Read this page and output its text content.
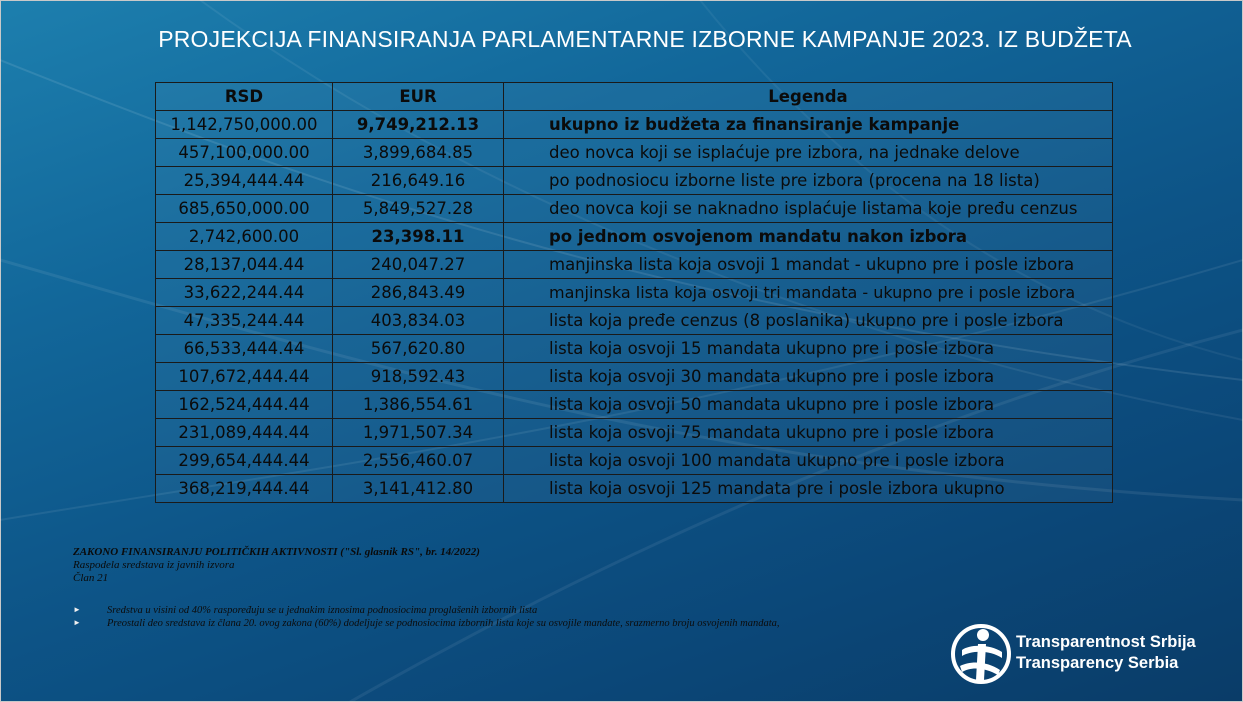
PROJEKCIJA FINANSIRANJA PARLAMENTARNE IZBORNE KAMPANJE 2023. IZ BUDŽETA
RSD	EUR	Legenda
1,142,750,000.00	9,749,212.13	ukupno iz budžeta za finansiranje kampanje
457,100,000.00	3,899,684.85	deo novca koji se isplaćuje pre izbora, na jednake delove
25,394,444.44	216,649.16	po podnosiocu izborne liste pre izbora (procena na 18 lista)
685,650,000.00	5,849,527.28	deo novca koji se naknadno isplaćuje listama koje pređu cenzus
2,742,600.00	23,398.11	po jednom osvojenom mandatu nakon izbora
28,137,044.44	240,047.27	manjinska lista koja osvoji 1 mandat - ukupno pre i posle izbora
33,622,244.44	286,843.49	manjinska lista koja osvoji tri mandata - ukupno pre i posle izbora
47,335,244.44	403,834.03	lista koja pređe cenzus (8 poslanika) ukupno pre i posle izbora
66,533,444.44	567,620.80	lista koja osvoji 15 mandata ukupno pre i posle izbora
107,672,444.44	918,592.43	lista koja osvoji 30 mandata ukupno pre i posle izbora
162,524,444.44	1,386,554.61	lista koja osvoji 50 mandata ukupno pre i posle izbora
231,089,444.44	1,971,507.34	lista koja osvoji 75 mandata ukupno pre i posle izbora
299,654,444.44	2,556,460.07	lista koja osvoji 100 mandata ukupno pre i posle izbora
368,219,444.44	3,141,412.80	lista koja osvoji 125 mandata pre i posle izbora ukupno
ZAKONO FINANSIRANJU POLITIČKIH AKTIVNOSTI ("Sl. glasnik RS", br. 14/2022)
Raspodela sredstava iz javnih izvora
Član 21
► Sredstva u visini od 40% raspoređuju se u jednakim iznosima podnosiocima proglašenih izbornih lista
► Preostali deo sredstava iz člana 20. ovog zakona (60%) dodeljuje se podnosiocima izbornih lista koje su osvojile mandate, srazmerno broju osvojenih mandata,
Transparentnost Srbija
Transparency Serbia
